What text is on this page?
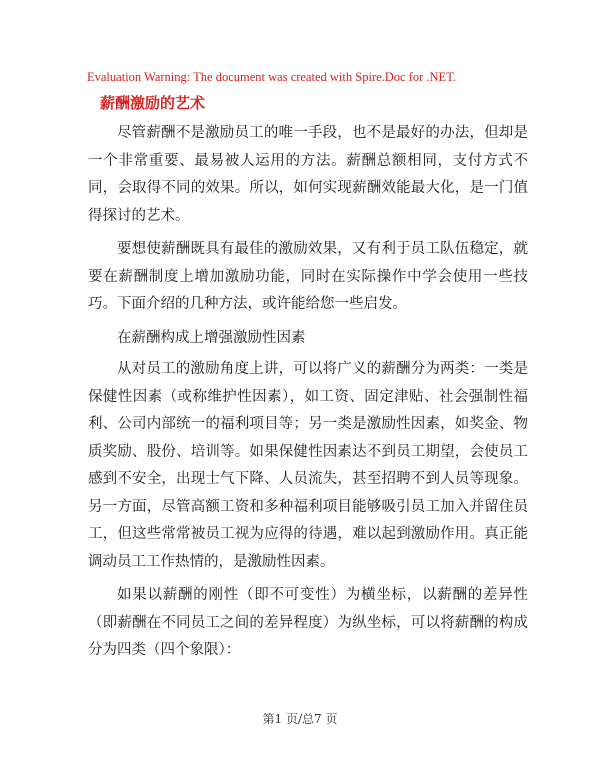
Evaluation Warning: The document was created with Spire.Doc for .NET.
薪酬激励的艺术

尽管薪酬不是激励员工的唯一手段，也不是最好的办法，但却是一个非常重要、最易被人运用的方法。薪酬总额相同，支付方式不同，会取得不同的效果。所以，如何实现薪酬效能最大化，是一门值得探讨的艺术。

要想使薪酬既具有最佳的激励效果，又有利于员工队伍稳定，就要在薪酬制度上增加激励功能，同时在实际操作中学会使用一些技巧。下面介绍的几种方法，或许能给您一些启发。

在薪酬构成上增强激励性因素

从对员工的激励角度上讲，可以将广义的薪酬分为两类：一类是保健性因素（或称维护性因素），如工资、固定津贴、社会强制性福利、公司内部统一的福利项目等；另一类是激励性因素，如奖金、物质奖励、股份、培训等。如果保健性因素达不到员工期望，会使员工感到不安全，出现士气下降、人员流失，甚至招聘不到人员等现象。另一方面，尽管高额工资和多种福利项目能够吸引员工加入并留住员工，但这些常常被员工视为应得的待遇，难以起到激励作用。真正能调动员工工作热情的，是激励性因素。

如果以薪酬的刚性（即不可变性）为横坐标，以薪酬的差异性（即薪酬在不同员工之间的差异程度）为纵坐标，可以将薪酬的构成分为四类（四个象限）：

第1 页/总7 页
